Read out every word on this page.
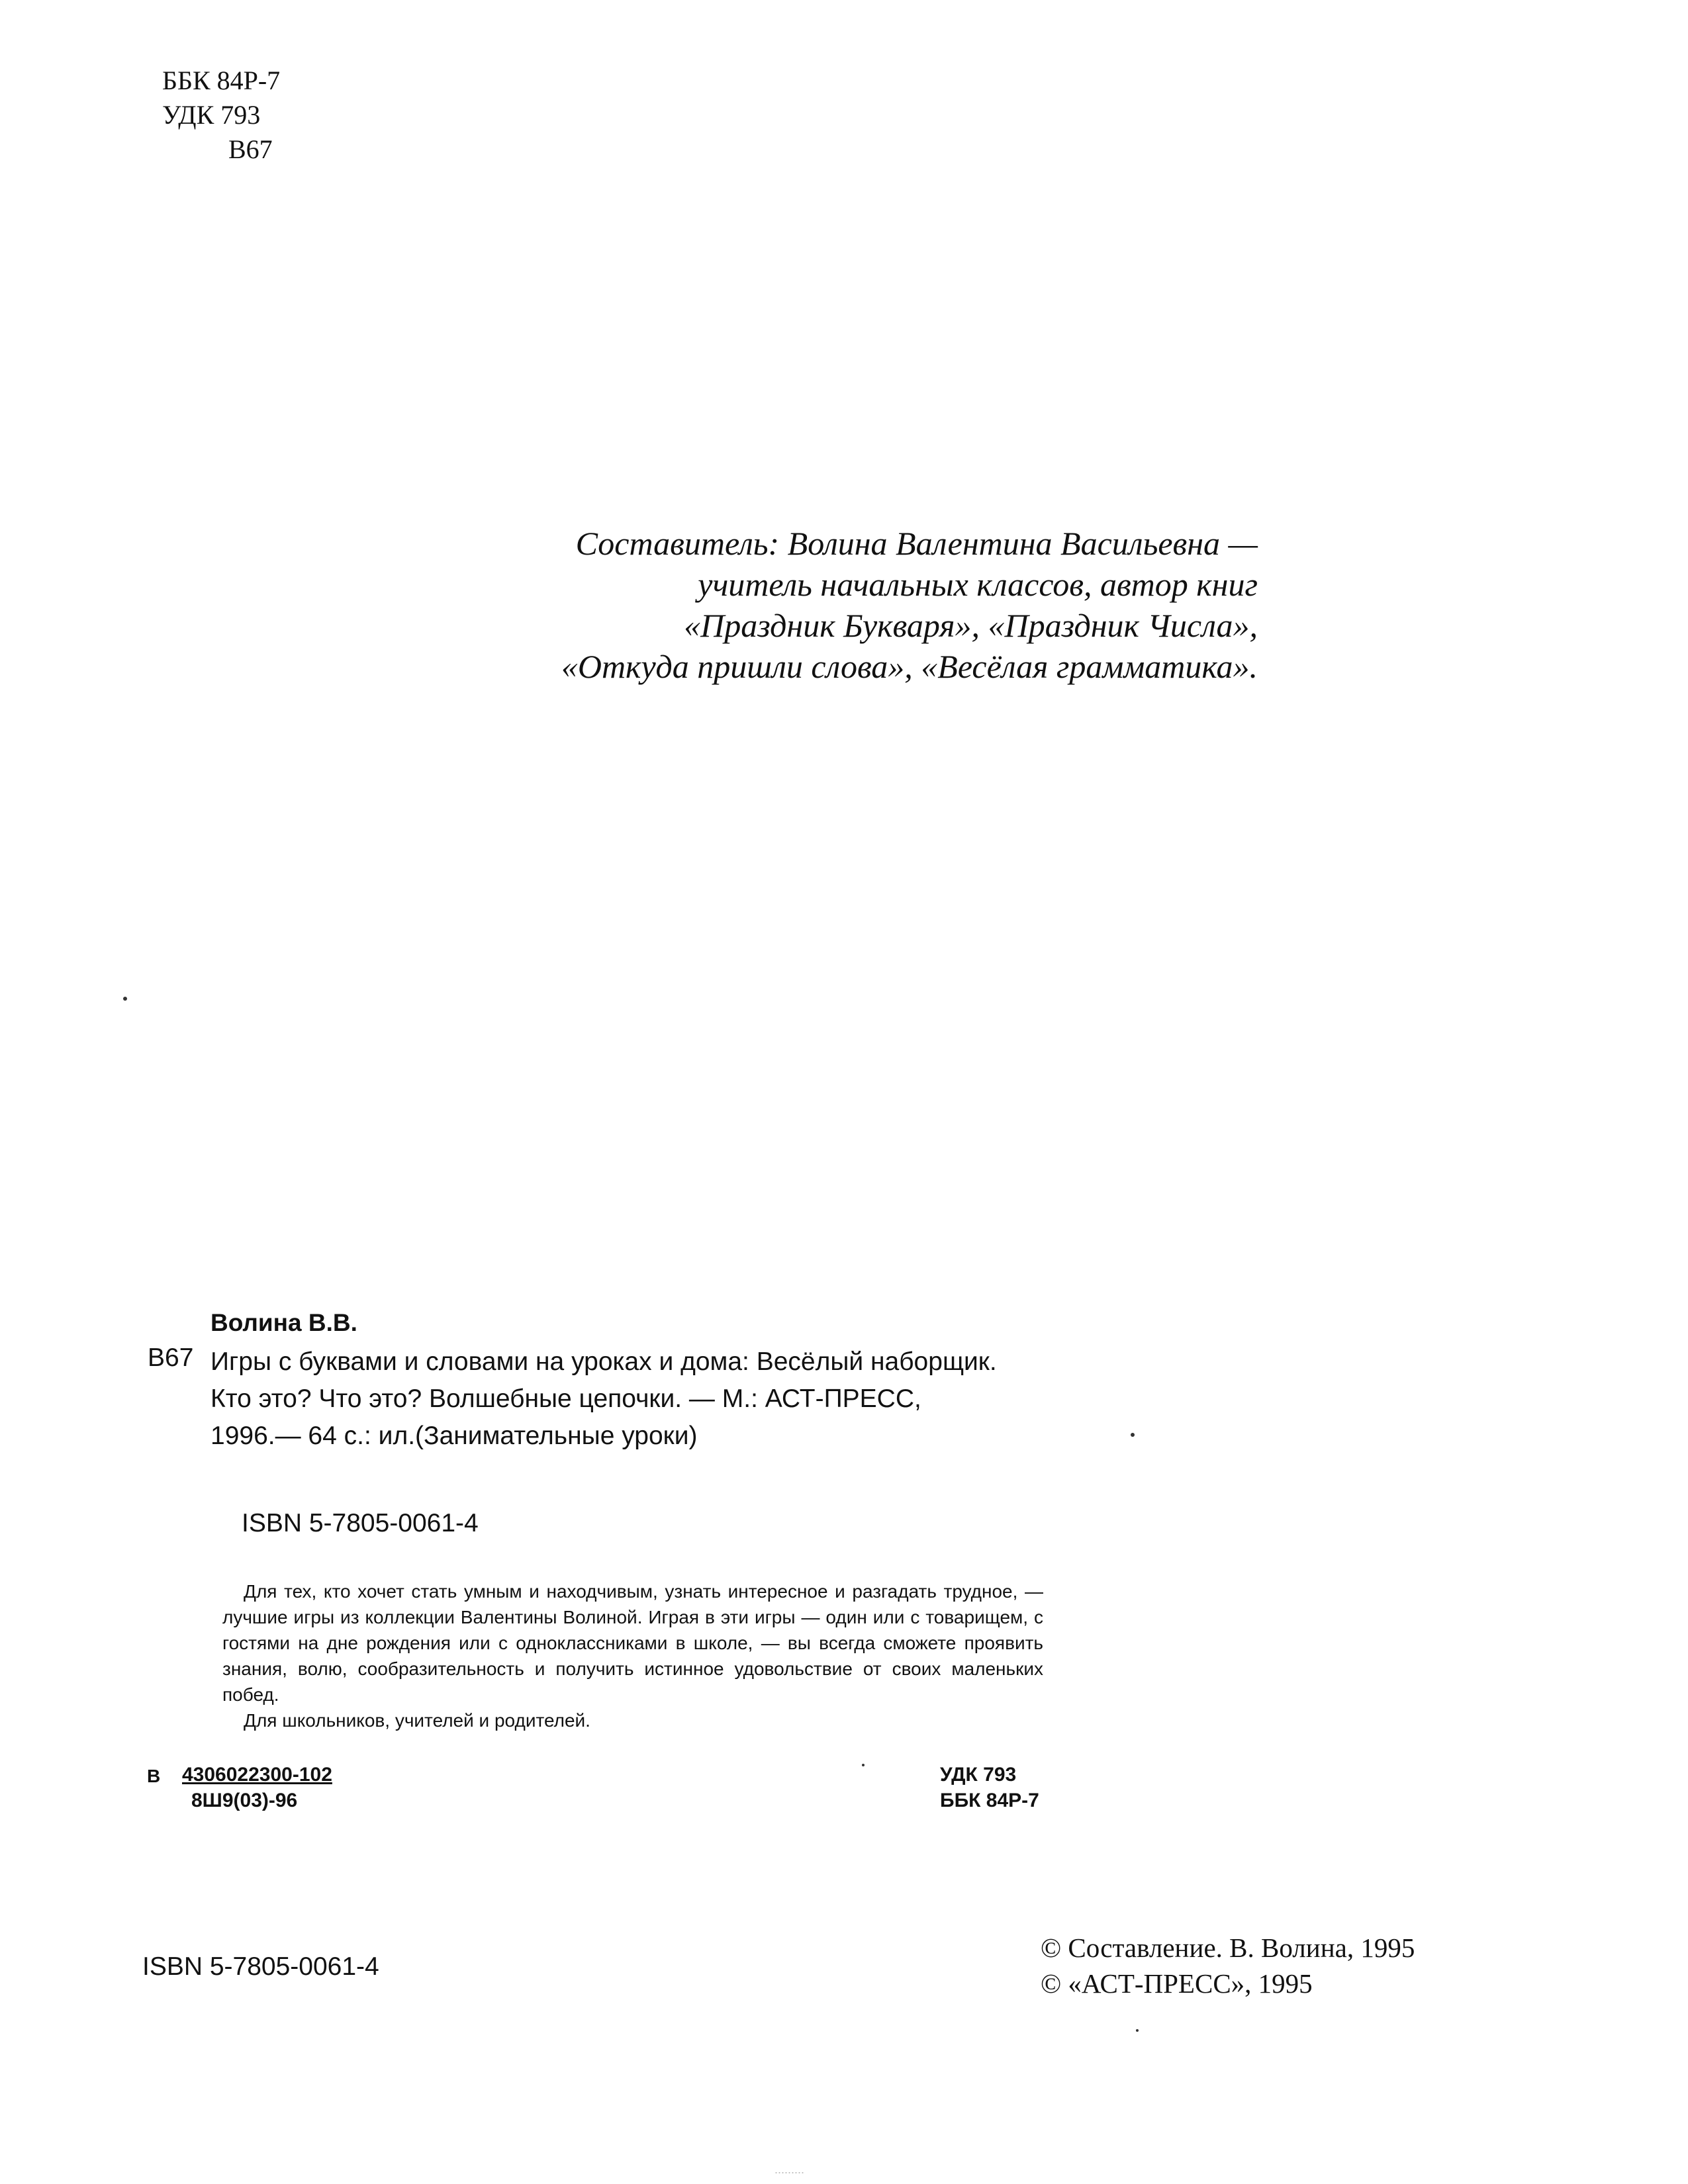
ББК 84Р-7
УДК 793
В67
Составитель: Волина Валентина Васильевна —
учитель начальных классов, автор книг
«Праздник Букваря», «Праздник Числа»,
«Откуда пришли слова», «Весёлая грамматика».
Волина В.В.
В67 Игры с буквами и словами на уроках и дома: Весёлый наборщик.
Кто это? Что это? Волшебные цепочки. — М.: АСТ-ПРЕСС,
1996.— 64 с.: ил.(Занимательные уроки)
ISBN 5-7805-0061-4

Для тех, кто хочет стать умным и находчивым, узнать интересное и разгадать трудное, — лучшие игры из коллекции Валентины Волиной. Играя в эти игры — один или с товарищем, с гостями на дне рождения или с одноклассниками в школе, — вы всегда сможете проявить знания, волю, сообразительность и получить истинное удовольствие от своих маленьких побед.

Для школьников, учителей и родителей.

В 4306022300-102
8Ш9(03)-96
УДК 793
ББК 84Р-7
ISBN 5-7805-0061-4
© Составление. В. Волина, 1995
© «АСТ-ПРЕСС», 1995
.........
